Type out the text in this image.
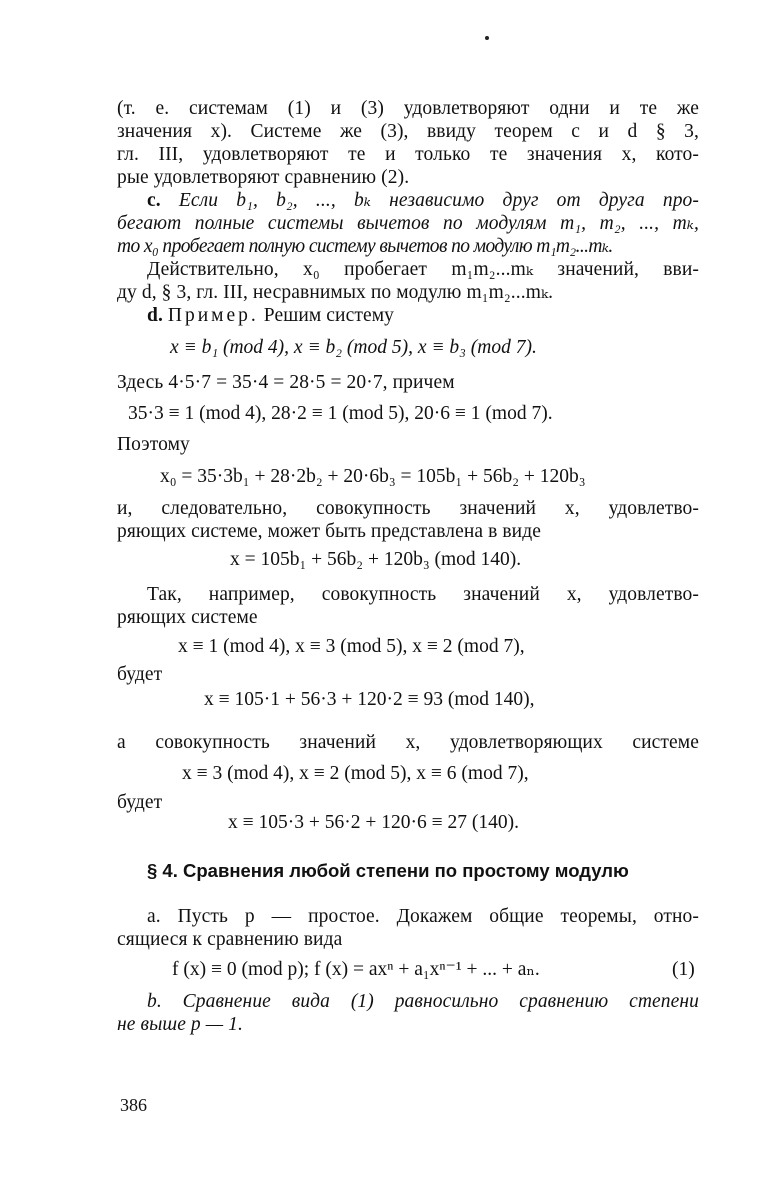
(т. е. системам (1) и (3) удовлетворяют одни и те же
значения x). Системе же (3), ввиду теорем c и d § 3,
гл. III, удовлетворяют те и только те значения x, кото-
рые удовлетворяют сравнению (2).

c. Если b₁, b₂, ..., bₖ независимо друг от друга про-
бегают полные системы вычетов по модулям m₁, m₂, ..., mₖ,
то x₀ пробегает полную систему вычетов по модулю m₁m₂...mₖ.

Действительно, x₀ пробегает m₁m₂...mₖ значений, вви-
ду d, § 3, гл. III, несравнимых по модулю m₁m₂...mₖ.

d. Пример. Решим систему

x ≡ b₁ (mod 4), x ≡ b₂ (mod 5), x ≡ b₃ (mod 7).

Здесь 4·5·7 = 35·4 = 28·5 = 20·7, причем

35·3 ≡ 1 (mod 4), 28·2 ≡ 1 (mod 5), 20·6 ≡ 1 (mod 7).

Поэтому

x₀ = 35·3b₁ + 28·2b₂ + 20·6b₃ = 105b₁ + 56b₂ + 120b₃

и, следовательно, совокупность значений x, удовлетво-
ряющих системе, может быть представлена в виде

x = 105b₁ + 56b₂ + 120b₃ (mod 140).

Так, например, совокупность значений x, удовлетво-
ряющих системе

x ≡ 1 (mod 4), x ≡ 3 (mod 5), x ≡ 2 (mod 7),

будет

x ≡ 105·1 + 56·3 + 120·2 ≡ 93 (mod 140),

а совокупность значений x, удовлетворяющих системе

x ≡ 3 (mod 4), x ≡ 2 (mod 5), x ≡ 6 (mod 7),

будет

x ≡ 105·3 + 56·2 + 120·6 ≡ 27 (140).

§ 4. Сравнения любой степени по простому модулю

a. Пусть p — простое. Докажем общие теоремы, отно-
сящиеся к сравнению вида

f (x) ≡ 0 (mod p); f (x) = axⁿ + a₁xⁿ⁻¹ + ... + aₙ.	(1)

b. Сравнение вида (1) равносильно сравнению степени
не выше p — 1.

386
